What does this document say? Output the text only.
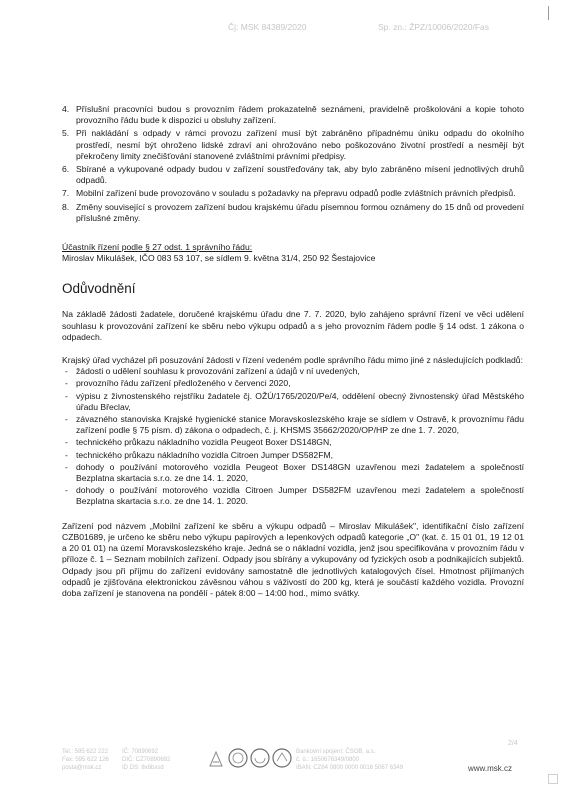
Čj: MSK 84389/2020	Sp. zn.: ŽPZ/10006/2020/Fas
4. Příslušní pracovníci budou s provozním řádem prokazatelně seznámeni, pravidelně proškolováni a kopie tohoto provozního řádu bude k dispozici u obsluhy zařízení.
5. Při nakládání s odpady v rámci provozu zařízení musí být zabráněno případnému úniku odpadu do okolního prostředí, nesmí být ohroženo lidské zdraví ani ohrožováno nebo poškozováno životní prostředí a nesmějí být překročeny limity znečišťování stanovené zvláštními právními předpisy.
6. Sbírané a vykupované odpady budou v zařízení soustřeďovány tak, aby bylo zabráněno mísení jednotlivých druhů odpadů.
7. Mobilní zařízení bude provozováno v souladu s požadavky na přepravu odpadů podle zvláštních právních předpisů.
8. Změny související s provozem zařízení budou krajskému úřadu písemnou formou oznámeny do 15 dnů od provedení příslušné změny.
Účastník řízení podle § 27 odst. 1 správního řádu:
Miroslav Mikulášek, IČO 083 53 107, se sídlem 9. května 31/4, 250 92 Šestajovice
Odůvodnění

Na základě žádosti žadatele, doručené krajskému úřadu dne 7. 7. 2020, bylo zahájeno správní řízení ve věci udělení souhlasu k provozování zařízení ke sběru nebo výkupu odpadů a s jeho provozním řádem podle § 14 odst. 1 zákona o odpadech.

Krajský úřad vycházel při posuzování žádosti v řízení vedeném podle správního řádu mimo jiné z následujících podkladů:
- žádosti o udělení souhlasu k provozování zařízení a údajů v ní uvedených,
- provozního řádu zařízení předloženého v červenci 2020,
- výpisu z živnostenského rejstříku žadatele čj. OŽÚ/1765/2020/Pe/4, oddělení obecný živnostenský úřad Městského úřadu Břeclav,
- závazného stanoviska Krajské hygienické stanice Moravskoslezského kraje se sídlem v Ostravě, k provoznímu řádu zařízení podle § 75 písm. d) zákona o odpadech, č. j. KHSMS 35662/2020/OP/HP ze dne 1. 7. 2020,
- technického průkazu nákladního vozidla Peugeot Boxer DS148GN,
- technického průkazu nákladního vozidla Citroen Jumper DS582FM,
- dohody o používání motorového vozidla Peugeot Boxer DS148GN uzavřenou mezi žadatelem a společností Bezplatna skartacia s.r.o. ze dne 14. 1. 2020,
- dohody o používání motorového vozidla Citroen Jumper DS582FM uzavřenou mezi žadatelem a společností Bezplatna skartacia s.r.o. ze dne 14. 1. 2020.

Zařízení pod názvem „Mobilní zařízení ke sběru a výkupu odpadů – Miroslav Mikulášek", identifikační číslo zařízení CZB01689, je určeno ke sběru nebo výkupu papírových a lepenkových odpadů kategorie „O" (kat. č. 15 01 01, 19 12 01 a 20 01 01) na území Moravskoslezského kraje. Jedná se o nákladní vozidla, jenž jsou specifikována v provozním řádu v příloze č. 1 – Seznam mobilních zařízení. Odpady jsou sbírány a vykupovány od fyzických osob a podnikajících subjektů. Odpady jsou při příjmu do zařízení evidovány samostatně dle jednotlivých katalogových čísel. Hmotnost přijímaných odpadů je zjišťována elektronickou závěsnou váhou s váživostí do 200 kg, která je součástí každého vozidla. Provozní doba zařízení je stanovena na pondělí - pátek 8:00 – 14:00 hod., mimo svátky.

2/4
Tel.: 595 622 222
Fax: 595 622 126
posta@msk.cz
IČ: 70890692
DIČ: CZ70890692
ID DS: 8x6bxsd
Bankovní spojení: ČSOB, a.s.
č. ú.: 1650676349/0800
IBAN: CZ64 0800 0000 0016 5067 6349	www.msk.cz
